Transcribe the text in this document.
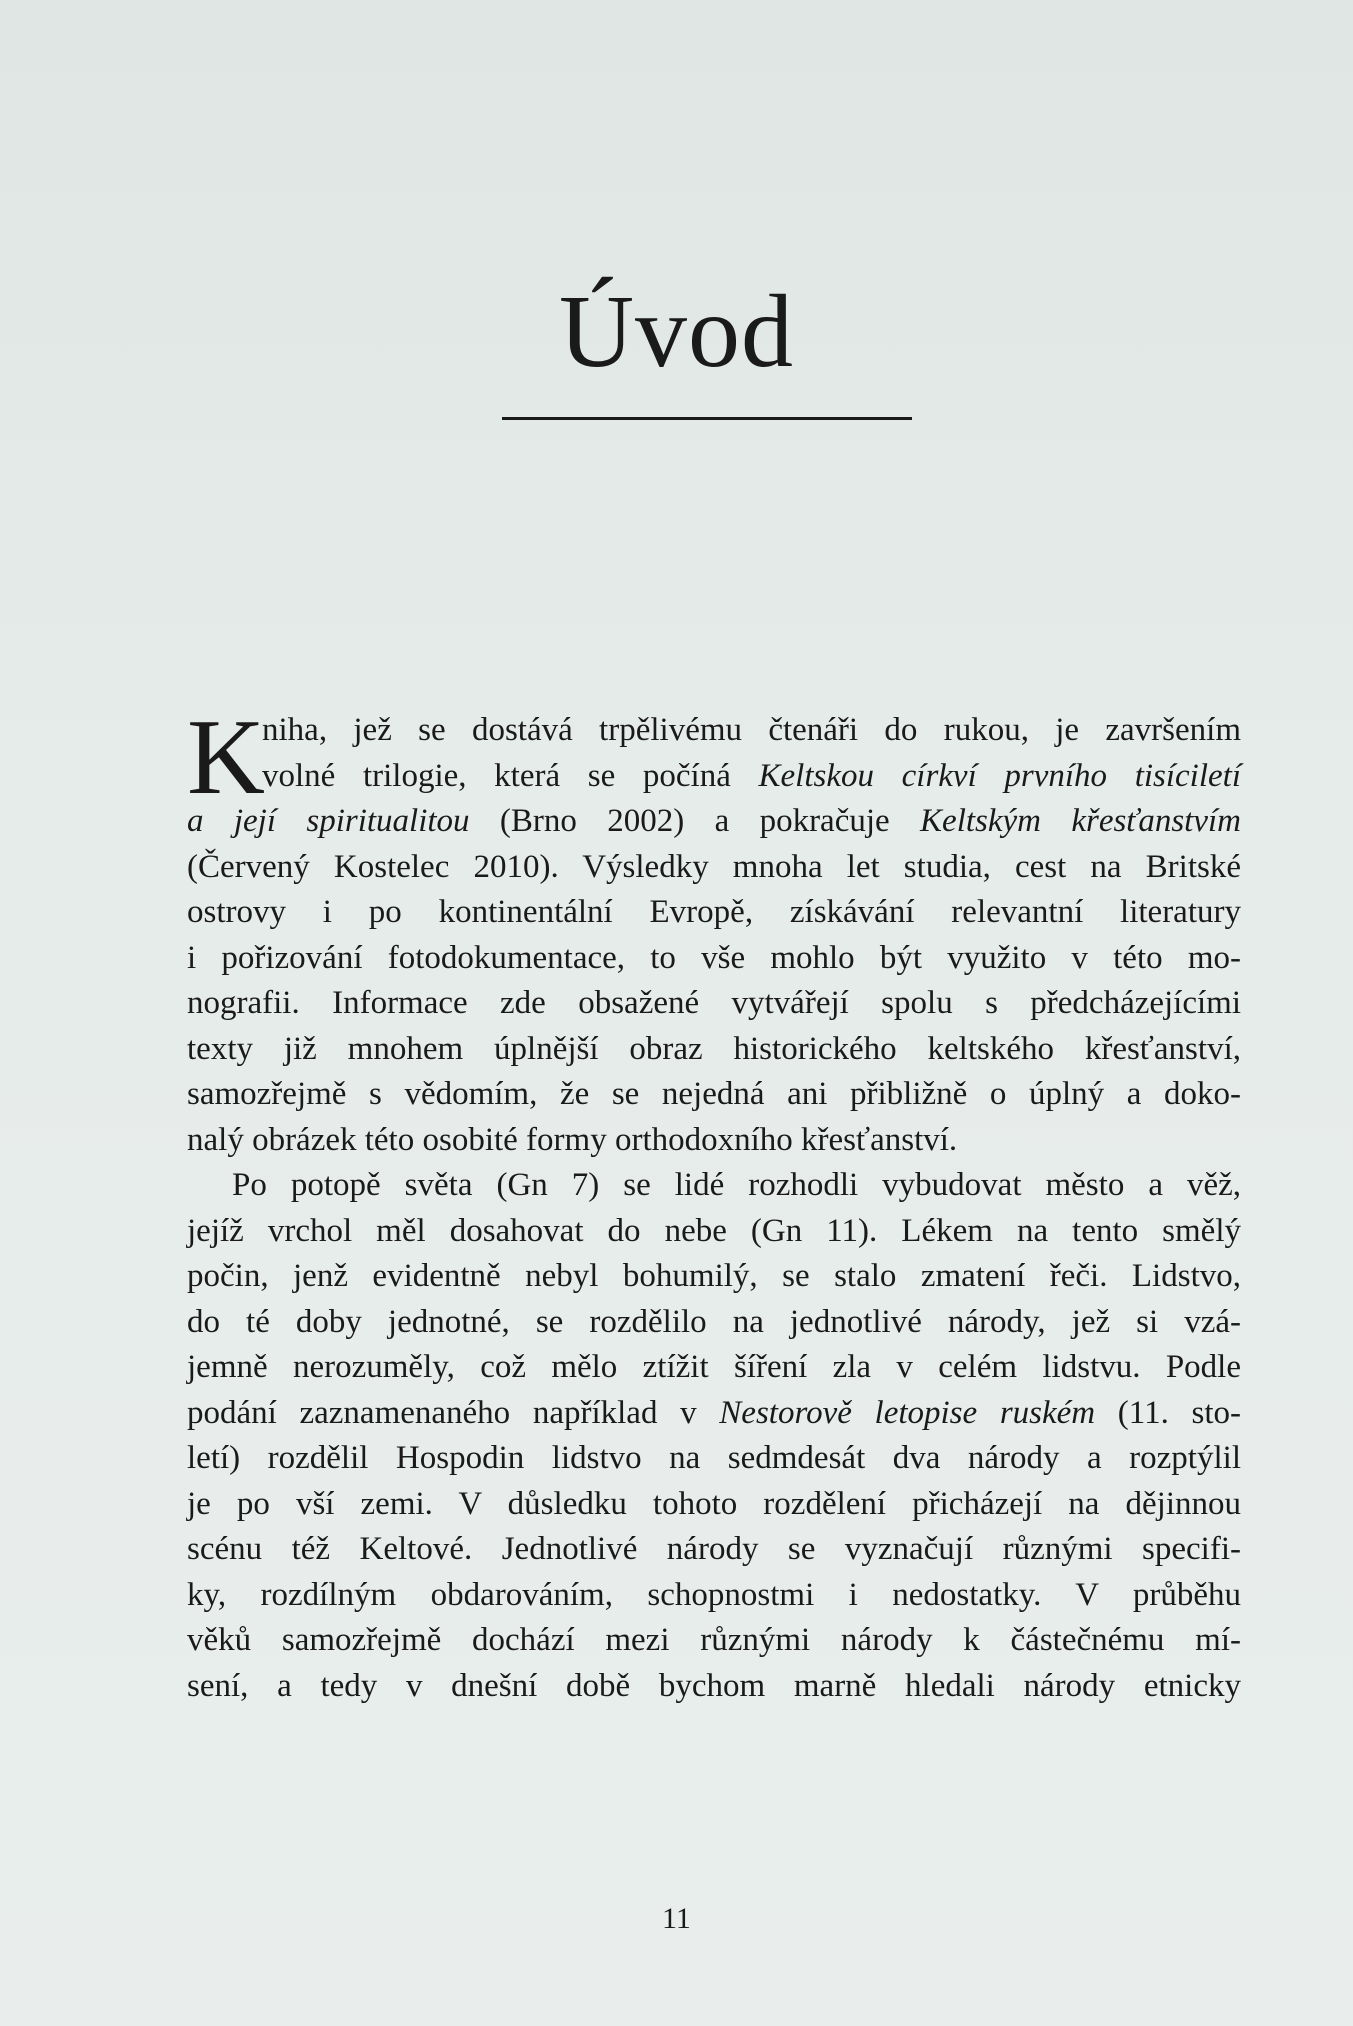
Úvod
K
niha, jež se dostává trpělivému čtenáři do rukou, je završením
volné trilogie, která se počíná Keltskou církví prvního tisíciletí
a její spiritualitou (Brno 2002) a pokračuje Keltským křesťanstvím
(Červený Kostelec 2010). Výsledky mnoha let studia, cest na Britské
ostrovy i po kontinentální Evropě, získávání relevantní literatury
i pořizování fotodokumentace, to vše mohlo být využito v této mo-
nografii. Informace zde obsažené vytvářejí spolu s předcházejícími
texty již mnohem úplnější obraz historického keltského křesťanství,
samozřejmě s vědomím, že se nejedná ani přibližně o úplný a doko-
nalý obrázek této osobité formy orthodoxního křesťanství.
Po potopě světa (Gn 7) se lidé rozhodli vybudovat město a věž,
jejíž vrchol měl dosahovat do nebe (Gn 11). Lékem na tento smělý
počin, jenž evidentně nebyl bohumilý, se stalo zmatení řeči. Lidstvo,
do té doby jednotné, se rozdělilo na jednotlivé národy, jež si vzá-
jemně nerozuměly, což mělo ztížit šíření zla v celém lidstvu. Podle
podání zaznamenaného například v Nestorově letopise ruském (11. sto-
letí) rozdělil Hospodin lidstvo na sedmdesát dva národy a rozptýlil
je po vší zemi. V důsledku tohoto rozdělení přicházejí na dějinnou
scénu též Keltové. Jednotlivé národy se vyznačují různými specifi-
ky, rozdílným obdarováním, schopnostmi i nedostatky. V průběhu
věků samozřejmě dochází mezi různými národy k částečnému mí-
sení, a tedy v dnešní době bychom marně hledali národy etnicky
11
